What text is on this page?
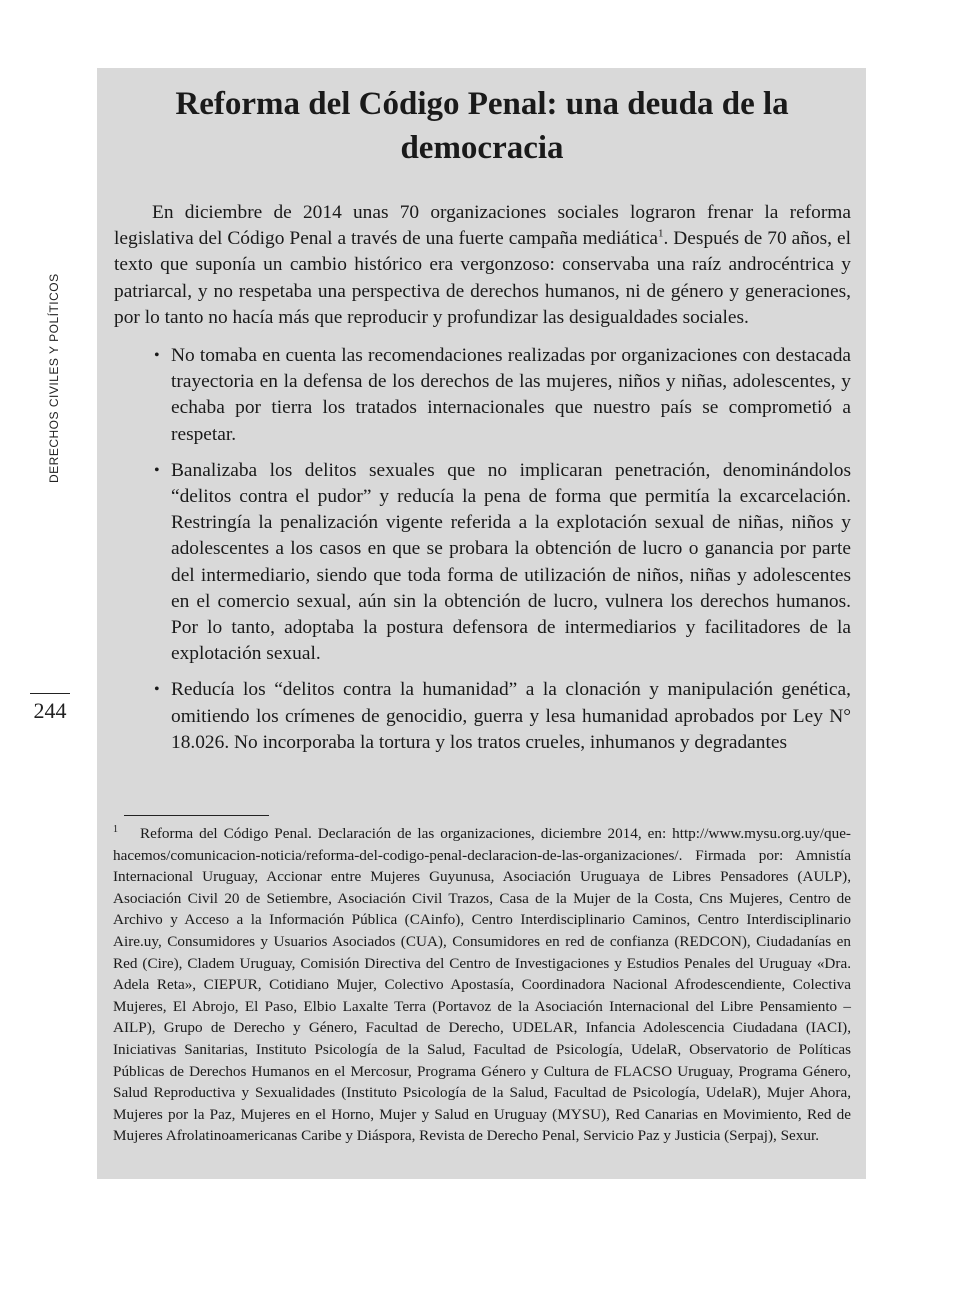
DERECHOS CIVILES Y POLÍTICOS
244
Reforma del Código Penal: una deuda de la democracia

En diciembre de 2014 unas 70 organizaciones sociales lograron frenar la reforma legislativa del Código Penal a través de una fuerte campaña mediática$^1$. Después de 70 años, el texto que suponía un cambio histórico era vergonzoso: conservaba una raíz androcéntrica y patriarcal, y no respetaba una perspectiva de derechos humanos, ni de género y generaciones, por lo tanto no hacía más que reproducir y profundizar las desigualdades sociales.

• No tomaba en cuenta las recomendaciones realizadas por organizaciones con destacada trayectoria en la defensa de los derechos de las mujeres, niños y niñas, adolescentes, y echaba por tierra los tratados internacionales que nuestro país se comprometió a respetar.
• Banalizaba los delitos sexuales que no implicaran penetración, denominándolos “delitos contra el pudor” y reducía la pena de forma que permitía la excarcelación. Restringía la penalización vigente referida a la explotación sexual de niñas, niños y adolescentes a los casos en que se probara la obtención de lucro o ganancia por parte del intermediario, siendo que toda forma de utilización de niños, niñas y adolescentes en el comercio sexual, aún sin la obtención de lucro, vulnera los derechos humanos. Por lo tanto, adoptaba la postura defensora de intermediarios y facilitadores de la explotación sexual.
• Reducía los “delitos contra la humanidad” a la clonación y manipulación genética, omitiendo los crímenes de genocidio, guerra y lesa humanidad aprobados por Ley N° 18.026. No incorporaba la tortura y los tratos crueles, inhumanos y degradantes
$^1$ Reforma del Código Penal. Declaración de las organizaciones, diciembre 2014, en: http://www.mysu.org.uy/que-hacemos/comunicacion-noticia/reforma-del-codigo-penal-declaracion-de-las-organizaciones/. Firmada por: Amnistía Internacional Uruguay, Accionar entre Mujeres Guyunusa, Asociación Uruguaya de Libres Pensadores (AULP), Asociación Civil 20 de Setiembre, Asociación Civil Trazos, Casa de la Mujer de la Costa, Cns Mujeres, Centro de Archivo y Acceso a la Información Pública (CAinfo), Centro Interdisciplinario Caminos, Centro Interdisciplinario Aire.uy, Consumidores y Usuarios Asociados (CUA), Consumidores en red de confianza (REDCON), Ciudadanías en Red (Cire), Cladem Uruguay, Comisión Directiva del Centro de Investigaciones y Estudios Penales del Uruguay «Dra. Adela Reta», CIEPUR, Cotidiano Mujer, Colectivo Apostasía, Coordinadora Nacional Afrodescendiente, Colectiva Mujeres, El Abrojo, El Paso, Elbio Laxalte Terra (Portavoz de la Asociación Internacional del Libre Pensamiento – AILP), Grupo de Derecho y Género, Facultad de Derecho, UDELAR, Infancia Adolescencia Ciudadana (IACI), Iniciativas Sanitarias, Instituto Psicología de la Salud, Facultad de Psicología, UdelaR, Observatorio de Políticas Públicas de Derechos Humanos en el Mercosur, Programa Género y Cultura de FLACSO Uruguay, Programa Género, Salud Reproductiva y Sexualidades (Instituto Psicología de la Salud, Facultad de Psicología, UdelaR), Mujer Ahora, Mujeres por la Paz, Mujeres en el Horno, Mujer y Salud en Uruguay (MYSU), Red Canarias en Movimiento, Red de Mujeres Afrolatinoamericanas Caribe y Diáspora, Revista de Derecho Penal, Servicio Paz y Justicia (Serpaj), Sexur.
